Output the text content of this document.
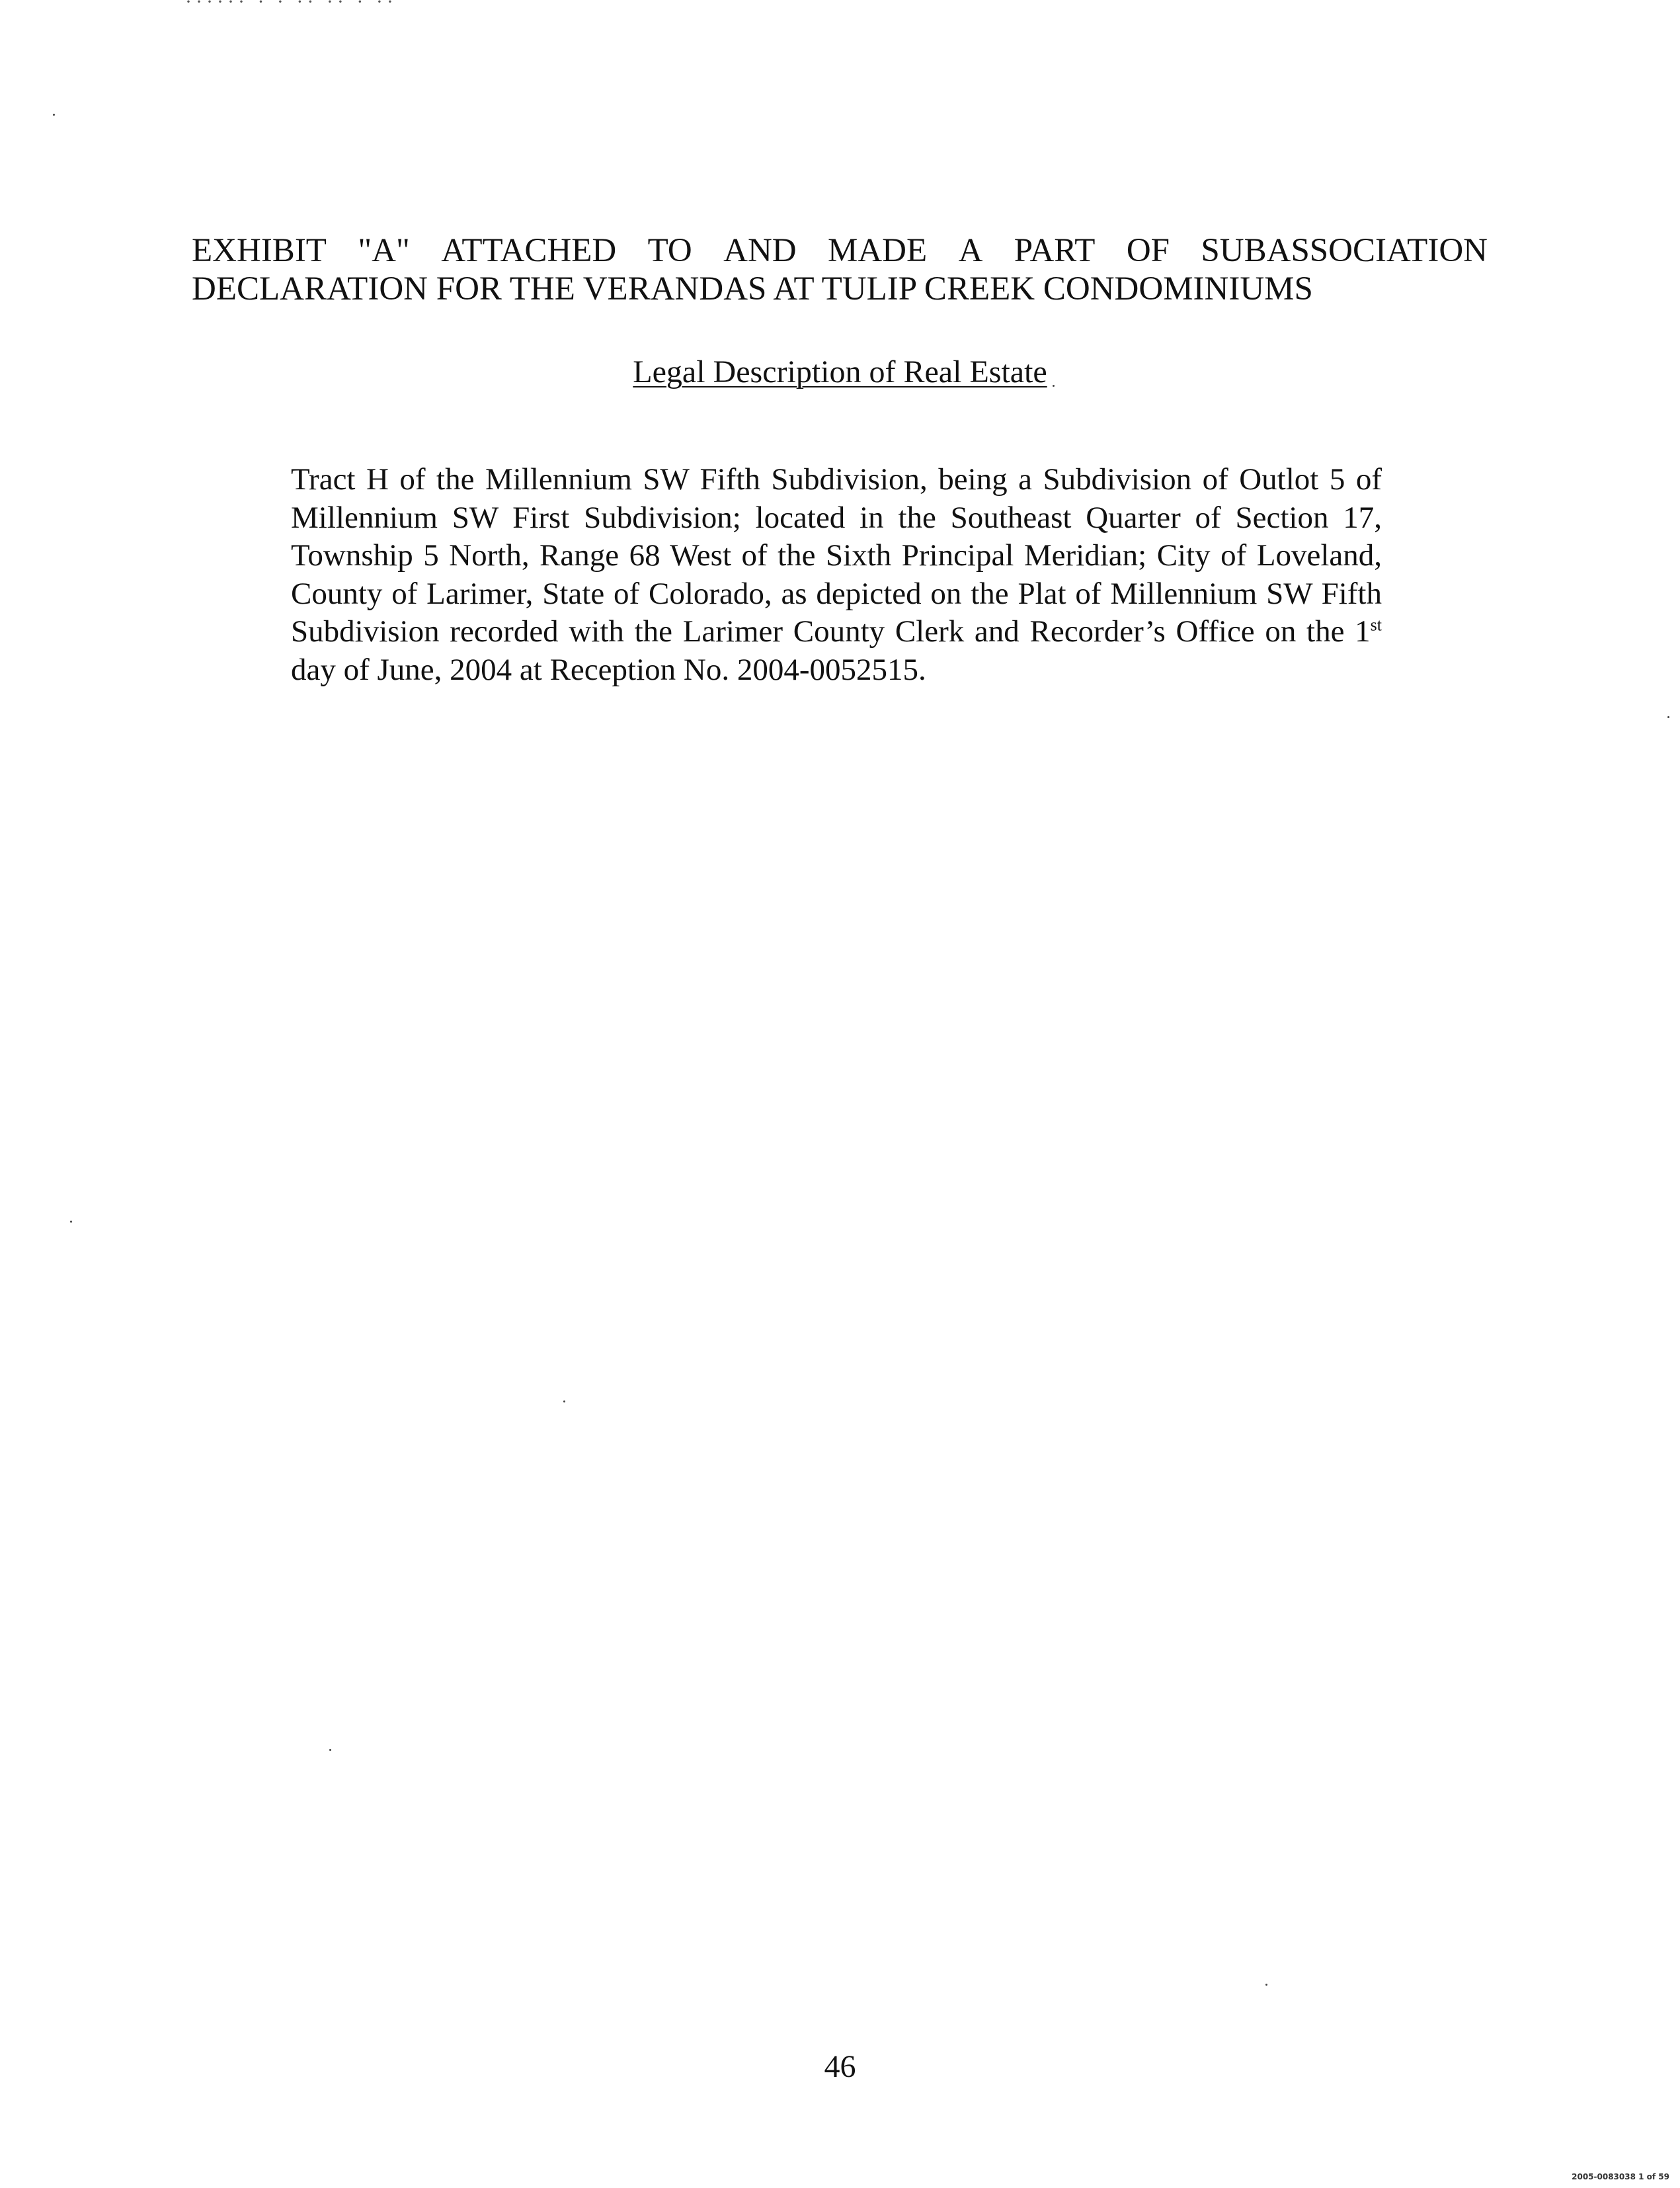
······ · · ·· ·· · ··
EXHIBIT "A" ATTACHED TO AND MADE A PART OF SUBASSOCIATION
DECLARATION FOR THE VERANDAS AT TULIP CREEK CONDOMINIUMS
Legal Description of Real Estate

Tract H of the Millennium SW Fifth Subdivision, being a Subdivision of Outlot 5 of Millennium SW First Subdivision; located in the Southeast Quarter of Section 17, Township 5 North, Range 68 West of the Sixth Principal Meridian; City of Loveland, County of Larimer, State of Colorado, as depicted on the Plat of Millennium SW Fifth Subdivision recorded with the Larimer County Clerk and Recorder’s Office on the 1st day of June, 2004 at Reception No. 2004-0052515.

46
2005-0083038 1 of 59
